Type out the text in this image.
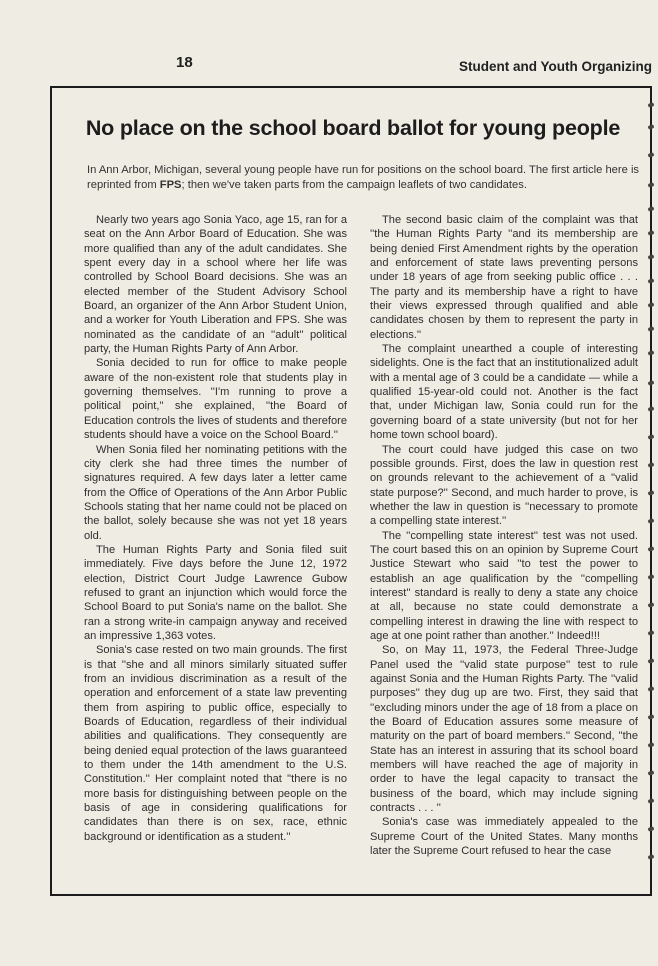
18	Student and Youth Organizing
No place on the school board ballot for young people
In Ann Arbor, Michigan, several young people have run for positions on the school board. The first article here is reprinted from FPS; then we've taken parts from the campaign leaflets of two candidates.

Nearly two years ago Sonia Yaco, age 15, ran for a seat on the Ann Arbor Board of Education. She was more qualified than any of the adult candidates. She spent every day in a school where her life was controlled by School Board decisions. She was an elected member of the Student Advisory School Board, an organizer of the Ann Arbor Student Union, and a worker for Youth Liberation and FPS. She was nominated as the candidate of an ''adult'' political party, the Human Rights Party of Ann Arbor.

Sonia decided to run for office to make people aware of the non-existent role that students play in governing themselves. ''I'm running to prove a political point,'' she explained, ''the Board of Education controls the lives of students and therefore students should have a voice on the School Board.''

When Sonia filed her nominating petitions with the city clerk she had three times the number of signatures required. A few days later a letter came from the Office of Operations of the Ann Arbor Public Schools stating that her name could not be placed on the ballot, solely because she was not yet 18 years old.

The Human Rights Party and Sonia filed suit immediately. Five days before the June 12, 1972 election, District Court Judge Lawrence Gubow refused to grant an injunction which would force the School Board to put Sonia's name on the ballot. She ran a strong write-in campaign anyway and received an impressive 1,363 votes.

Sonia's case rested on two main grounds. The first is that ''she and all minors similarly situated suffer from an invidious discrimination as a result of the operation and enforcement of a state law preventing them from aspiring to public office, especially to Boards of Education, regardless of their individual abilities and qualifications. They consequently are being denied equal protection of the laws guaranteed to them under the 14th amendment to the U.S. Constitution.'' Her complaint noted that ''there is no more basis for distinguishing between people on the basis of age in considering qualifications for candidates than there is on sex, race, ethnic background or identification as a student.''

The second basic claim of the complaint was that ''the Human Rights Party ''and its membership are being denied First Amendment rights by the operation and enforcement of state laws preventing persons under 18 years of age from seeking public office . . . The party and its membership have a right to have their views expressed through qualified and able candidates chosen by them to represent the party in elections.''

The complaint unearthed a couple of interesting sidelights. One is the fact that an institutionalized adult with a mental age of 3 could be a candidate — while a qualified 15-year-old could not. Another is the fact that, under Michigan law, Sonia could run for the governing board of a state university (but not for her home town school board).

The court could have judged this case on two possible grounds. First, does the law in question rest on grounds relevant to the achievement of a ''valid state purpose?'' Second, and much harder to prove, is whether the law in question is ''necessary to promote a compelling state interest.''

The ''compelling state interest'' test was not used. The court based this on an opinion by Supreme Court Justice Stewart who said ''to test the power to establish an age qualification by the ''compelling interest'' standard is really to deny a state any choice at all, because no state could demonstrate a compelling interest in drawing the line with respect to age at one point rather than another.'' Indeed!!!

So, on May 11, 1973, the Federal Three-Judge Panel used the ''valid state purpose'' test to rule against Sonia and the Human Rights Party. The ''valid purposes'' they dug up are two. First, they said that ''excluding minors under the age of 18 from a place on the Board of Education assures some measure of maturity on the part of board members.'' Second, ''the State has an interest in assuring that its school board members will have reached the age of majority in order to have the legal capacity to transact the business of the board, which may include signing contracts . . . ''

Sonia's case was immediately appealed to the Supreme Court of the United States. Many months later the Supreme Court refused to hear the case
